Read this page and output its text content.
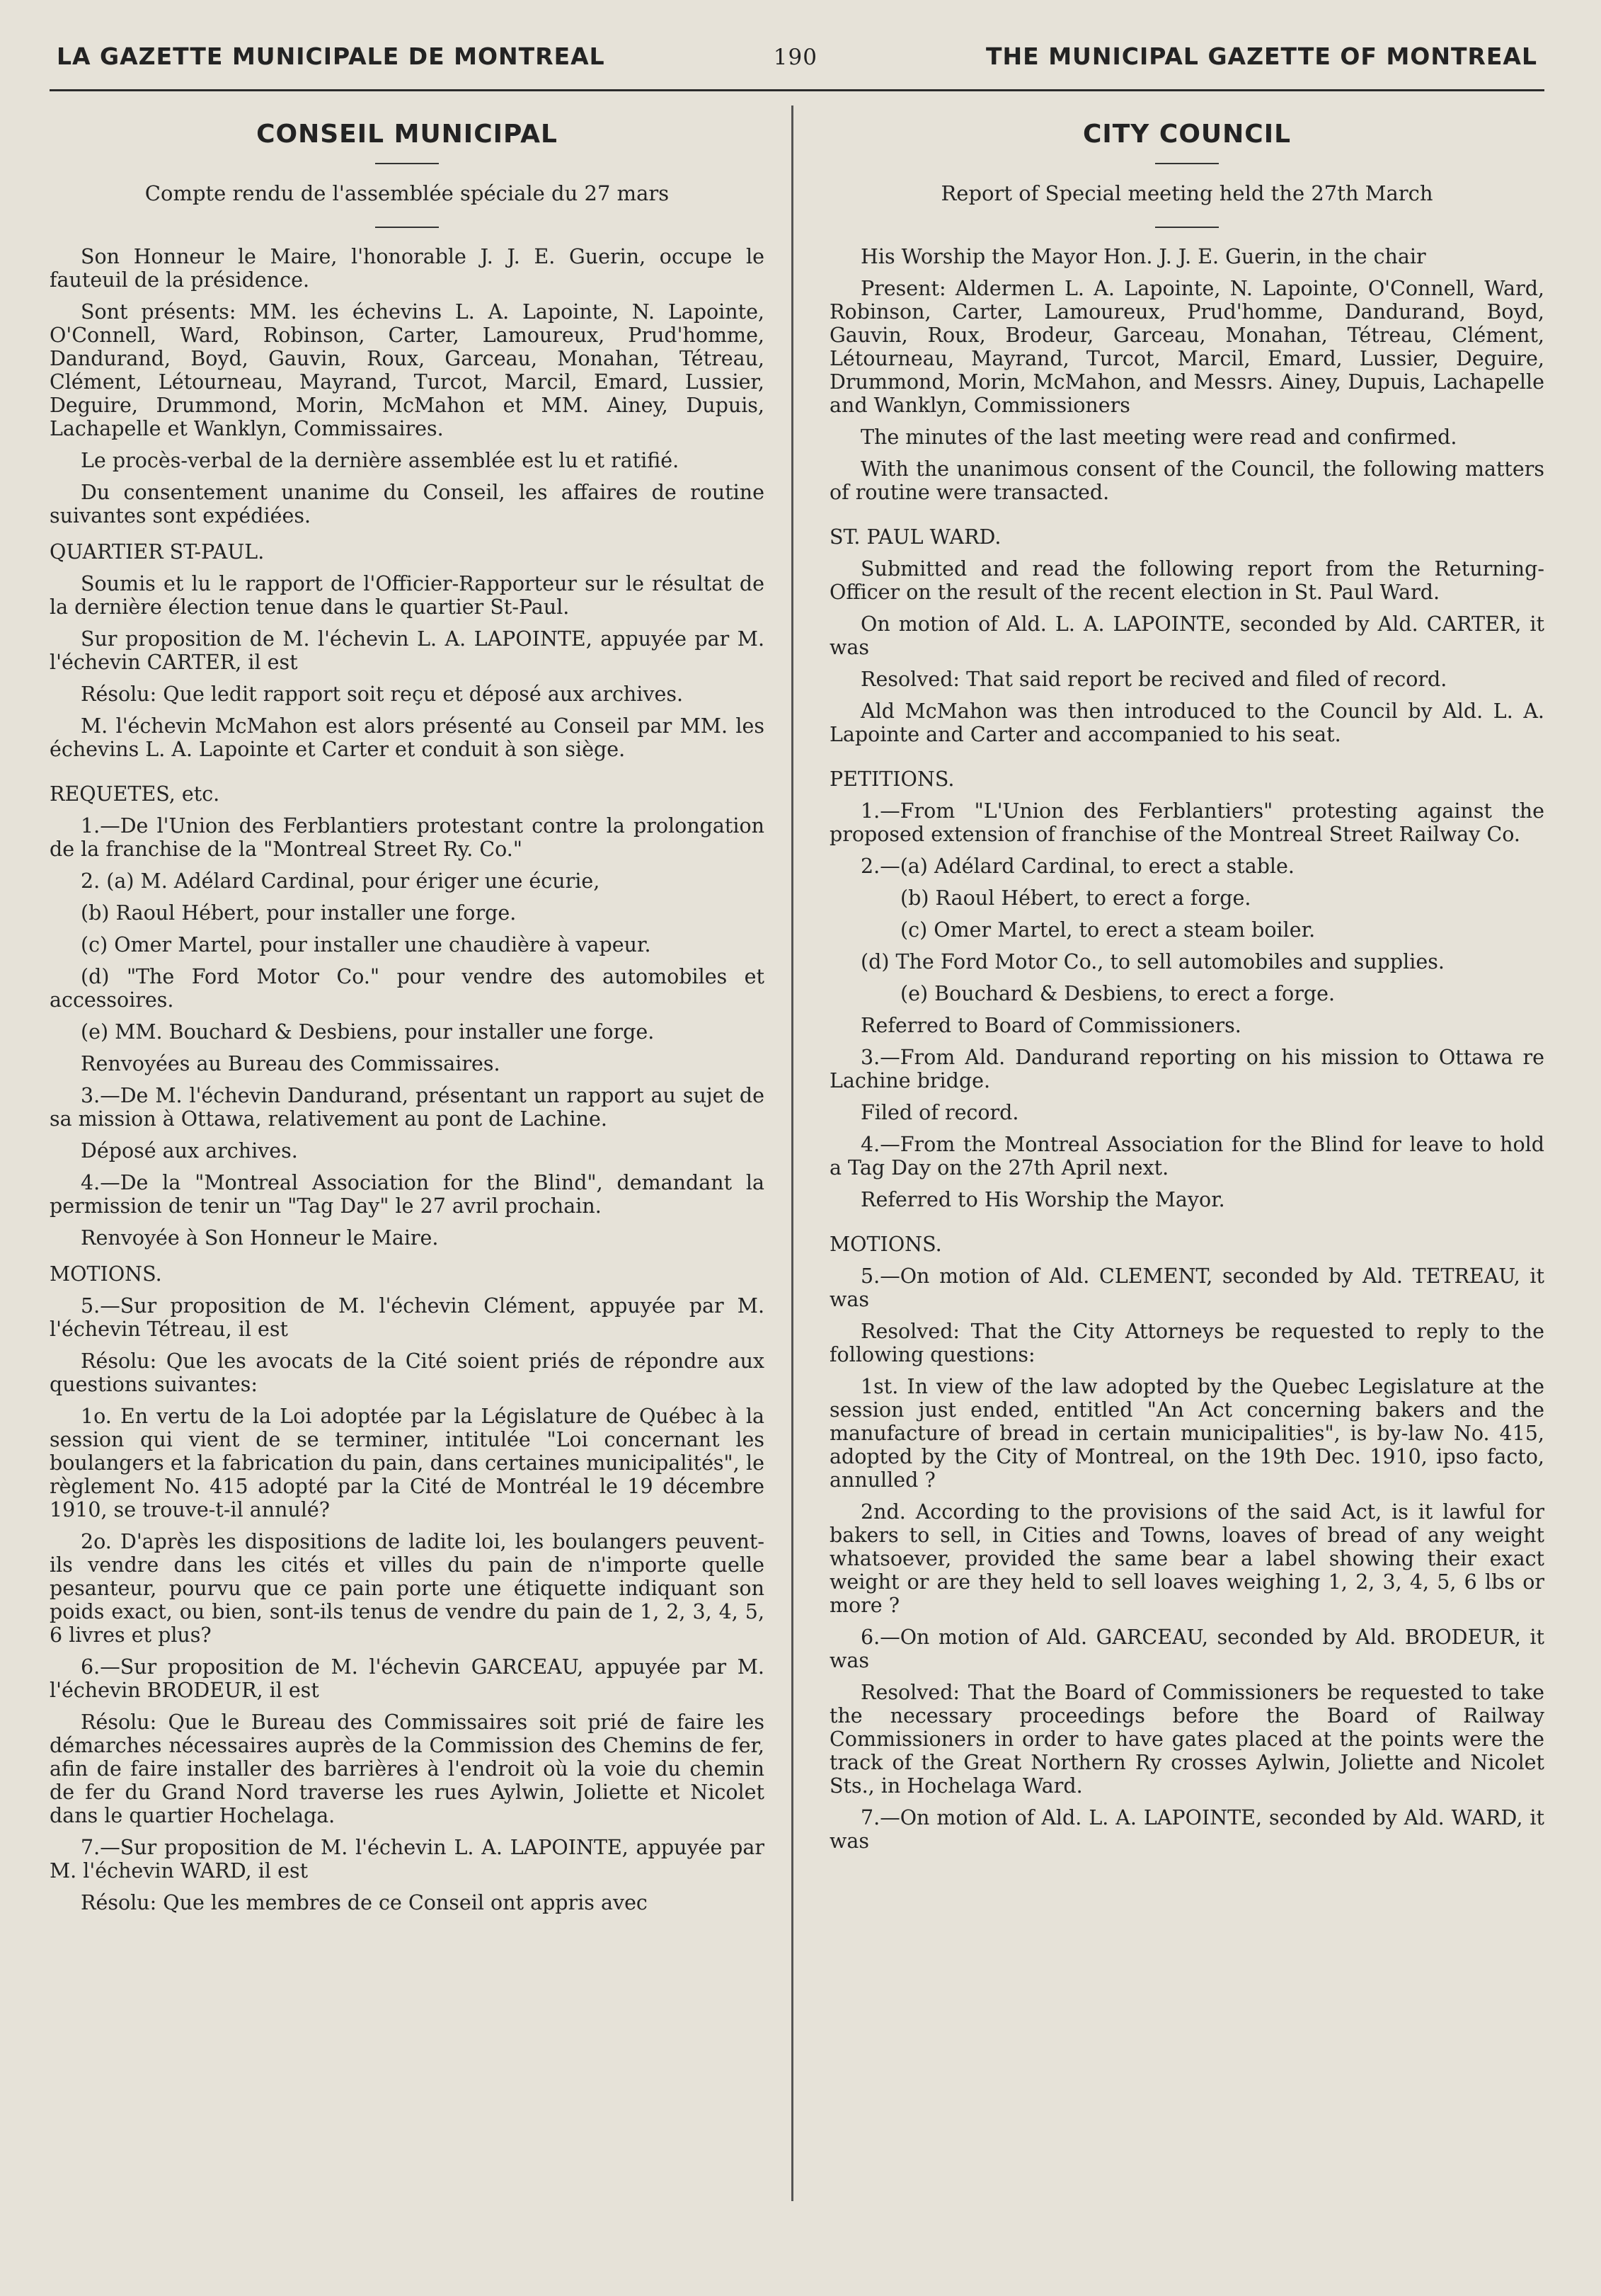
LA GAZETTE MUNICIPALE DE MONTREAL	190	THE MUNICIPAL GAZETTE OF MONTREAL
CONSEIL MUNICIPAL
Compte rendu de l'assemblée spéciale du 27 mars

Son Honneur le Maire, l'honorable J. J. E. Guerin, occupe le fauteuil de la présidence.

Sont présents: MM. les échevins L. A. Lapointe, N. Lapointe, O'Connell, Ward, Robinson, Carter, Lamoureux, Prud'homme, Dandurand, Boyd, Gauvin, Roux, Garceau, Monahan, Tétreau, Clément, Létourneau, Mayrand, Turcot, Marcil, Emard, Lussier, Deguire, Drummond, Morin, McMahon et MM. Ainey, Dupuis, Lachapelle et Wanklyn, Commissaires.

Le procès-verbal de la dernière assemblée est lu et ratifié.

Du consentement unanime du Conseil, les affaires de routine suivantes sont expédiées.

QUARTIER ST-PAUL.

Soumis et lu le rapport de l'Officier-Rapporteur sur le résultat de la dernière élection tenue dans le quartier St-Paul.

Sur proposition de M. l'échevin L. A. LAPOINTE, appuyée par M. l'échevin CARTER, il est

Résolu: Que ledit rapport soit reçu et déposé aux archives.

M. l'échevin McMahon est alors présenté au Conseil par MM. les échevins L. A. Lapointe et Carter et conduit à son siège.

REQUETES, etc.

1.—De l'Union des Ferblantiers protestant contre la prolongation de la franchise de la "Montreal Street Ry. Co."

2. (a) M. Adélard Cardinal, pour ériger une écurie,

(b) Raoul Hébert, pour installer une forge.

(c) Omer Martel, pour installer une chaudière à vapeur.

(d) "The Ford Motor Co." pour vendre des automobiles et accessoires.

(e) MM. Bouchard & Desbiens, pour installer une forge.

Renvoyées au Bureau des Commissaires.

3.—De M. l'échevin Dandurand, présentant un rapport au sujet de sa mission à Ottawa, relativement au pont de Lachine.

Déposé aux archives.

4.—De la "Montreal Association for the Blind", demandant la permission de tenir un "Tag Day" le 27 avril prochain.

Renvoyée à Son Honneur le Maire.

MOTIONS.

5.—Sur proposition de M. l'échevin Clément, appuyée par M. l'échevin Tétreau, il est

Résolu: Que les avocats de la Cité soient priés de répondre aux questions suivantes:

1o. En vertu de la Loi adoptée par la Législature de Québec à la session qui vient de se terminer, intitulée "Loi concernant les boulangers et la fabrication du pain, dans certaines municipalités", le règlement No. 415 adopté par la Cité de Montréal le 19 décembre 1910, se trouve-t-il annulé?

2o. D'après les dispositions de ladite loi, les boulangers peuvent-ils vendre dans les cités et villes du pain de n'importe quelle pesanteur, pourvu que ce pain porte une étiquette indiquant son poids exact, ou bien, sont-ils tenus de vendre du pain de 1, 2, 3, 4, 5, 6 livres et plus?

6.—Sur proposition de M. l'échevin GARCEAU, appuyée par M. l'échevin BRODEUR, il est

Résolu: Que le Bureau des Commissaires soit prié de faire les démarches nécessaires auprès de la Commission des Chemins de fer, afin de faire installer des barrières à l'endroit où la voie du chemin de fer du Grand Nord traverse les rues Aylwin, Joliette et Nicolet dans le quartier Hochelaga.

7.—Sur proposition de M. l'échevin L. A. LAPOINTE, appuyée par M. l'échevin WARD, il est

Résolu: Que les membres de ce Conseil ont appris avec

CITY COUNCIL
Report of Special meeting held the 27th March

His Worship the Mayor Hon. J. J. E. Guerin, in the chair

Present: Aldermen L. A. Lapointe, N. Lapointe, O'Connell, Ward, Robinson, Carter, Lamoureux, Prud'homme, Dandurand, Boyd, Gauvin, Roux, Brodeur, Garceau, Monahan, Tétreau, Clément, Létourneau, Mayrand, Turcot, Marcil, Emard, Lussier, Deguire, Drummond, Morin, McMahon, and Messrs. Ainey, Dupuis, Lachapelle and Wanklyn, Commissioners

The minutes of the last meeting were read and confirmed.

With the unanimous consent of the Council, the following matters of routine were transacted.

ST. PAUL WARD.

Submitted and read the following report from the Returning-Officer on the result of the recent election in St. Paul Ward.

On motion of Ald. L. A. LAPOINTE, seconded by Ald. CARTER, it was

Resolved: That said report be recived and filed of record.

Ald McMahon was then introduced to the Council by Ald. L. A. Lapointe and Carter and accompanied to his seat.

PETITIONS.

1.—From "L'Union des Ferblantiers" protesting against the proposed extension of franchise of the Montreal Street Railway Co.

2.—(a) Adélard Cardinal, to erect a stable.

(b) Raoul Hébert, to erect a forge.

(c) Omer Martel, to erect a steam boiler.

(d) The Ford Motor Co., to sell automobiles and supplies.

(e) Bouchard & Desbiens, to erect a forge.

Referred to Board of Commissioners.

3.—From Ald. Dandurand reporting on his mission to Ottawa re Lachine bridge.

Filed of record.

4.—From the Montreal Association for the Blind for leave to hold a Tag Day on the 27th April next.

Referred to His Worship the Mayor.

MOTIONS.

5.—On motion of Ald. CLEMENT, seconded by Ald. TETREAU, it was

Resolved: That the City Attorneys be requested to reply to the following questions:

1st. In view of the law adopted by the Quebec Legislature at the session just ended, entitled "An Act concerning bakers and the manufacture of bread in certain municipalities", is by-law No. 415, adopted by the City of Montreal, on the 19th Dec. 1910, ipso facto, annulled ?

2nd. According to the provisions of the said Act, is it lawful for bakers to sell, in Cities and Towns, loaves of bread of any weight whatsoever, provided the same bear a label showing their exact weight or are they held to sell loaves weighing 1, 2, 3, 4, 5, 6 lbs or more ?

6.—On motion of Ald. GARCEAU, seconded by Ald. BRODEUR, it was

Resolved: That the Board of Commissioners be requested to take the necessary proceedings before the Board of Railway Commissioners in order to have gates placed at the points were the track of the Great Northern Ry crosses Aylwin, Joliette and Nicolet Sts., in Hochelaga Ward.

7.—On motion of Ald. L. A. LAPOINTE, seconded by Ald. WARD, it was
